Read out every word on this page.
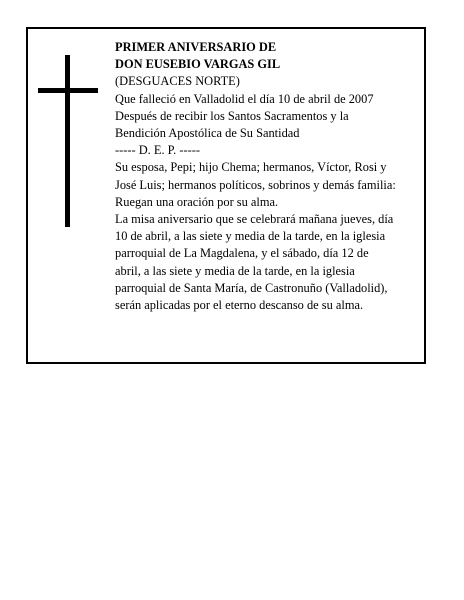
PRIMER ANIVERSARIO DE
DON EUSEBIO VARGAS GIL
(DESGUACES NORTE)
Que falleció en Valladolid el día 10 de abril de 2007
Después de recibir los Santos Sacramentos y la
Bendición Apostólica de Su Santidad
----- D. E. P. -----
Su esposa, Pepi; hijo Chema; hermanos, Víctor, Rosi y
José Luis; hermanos políticos, sobrinos y demás familia:
Ruegan una oración por su alma.
La misa aniversario que se celebrará mañana jueves, día
10 de abril, a las siete y media de la tarde, en la iglesia
parroquial de La Magdalena, y el sábado, día 12 de
abril, a las siete y media de la tarde, en la iglesia
parroquial de Santa María, de Castronuño (Valladolid),
serán aplicadas por el eterno descanso de su alma.
